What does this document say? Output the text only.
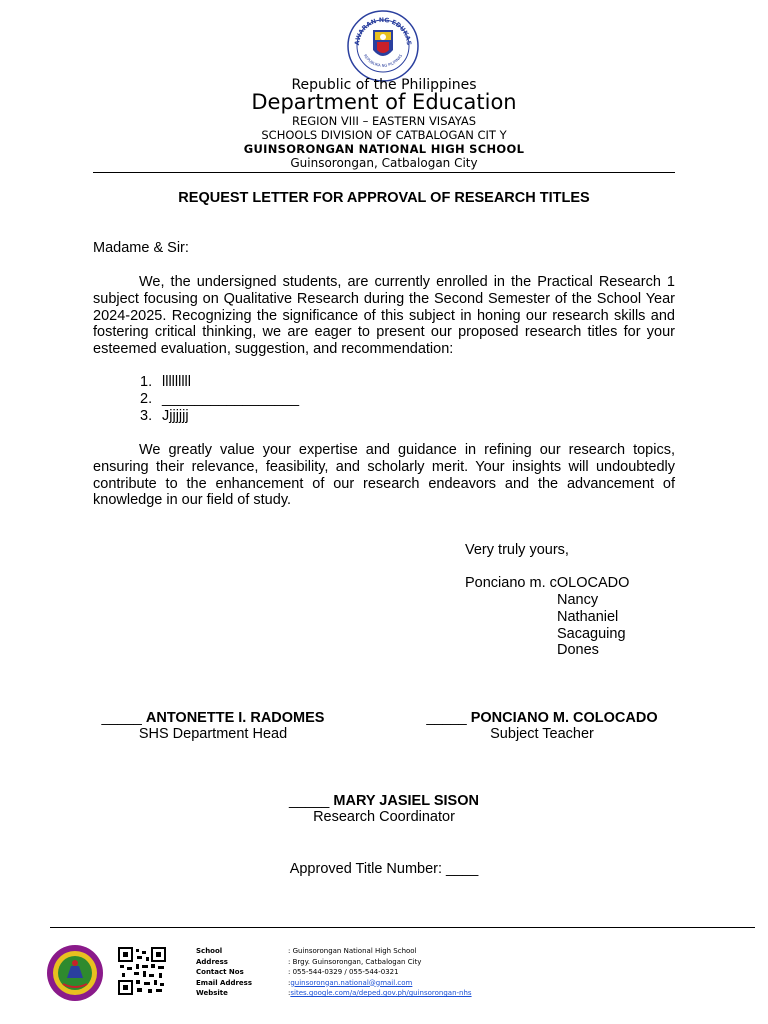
AWARAN NG EDUKAS
REPUBLIKA NG PILIPINAS
Republic of the Philippines
Department of Education
REGION VIII – EASTERN VISAYAS
SCHOOLS DIVISION OF CATBALOGAN CIT Y
GUINSORONGAN NATIONAL HIGH SCHOOL
Guinsorongan, Catbalogan City
REQUEST LETTER FOR APPROVAL OF RESEARCH TITLES
Madame & Sir:
We, the undersigned students, are currently enrolled in the Practical Research 1 subject focusing on Qualitative Research during the Second Semester of the School Year 2024-2025. Recognizing the significance of this subject in honing our research skills and fostering critical thinking, we are eager to present our proposed research titles for your esteemed evaluation, suggestion, and recommendation:
1. lllllllll
2. _________________
3. Jjjjjjj
We greatly value your expertise and guidance in refining our research topics, ensuring their relevance, feasibility, and scholarly merit. Your insights will undoubtedly contribute to the enhancement of our research endeavors and the advancement of knowledge in our field of study.
Very truly yours,
Ponciano m. cOLOCADO
Nancy
Nathaniel
Sacaguing
Dones
_____ ANTONETTE I. RADOMES
SHS Department Head
_____ PONCIANO M. COLOCADO
Subject Teacher
_____ MARY JASIEL SISON
Research Coordinator
Approved Title Number: ____
School	: Guinsorongan National High School
Address	: Brgy. Guinsorongan, Catbalogan City
Contact Nos	: 055-544-0329 / 055-544-0321
Email Address	: guinsorongan.national@gmail.com
Website	: sites.google.com/a/deped.gov.ph/guinsorongan-nhs
